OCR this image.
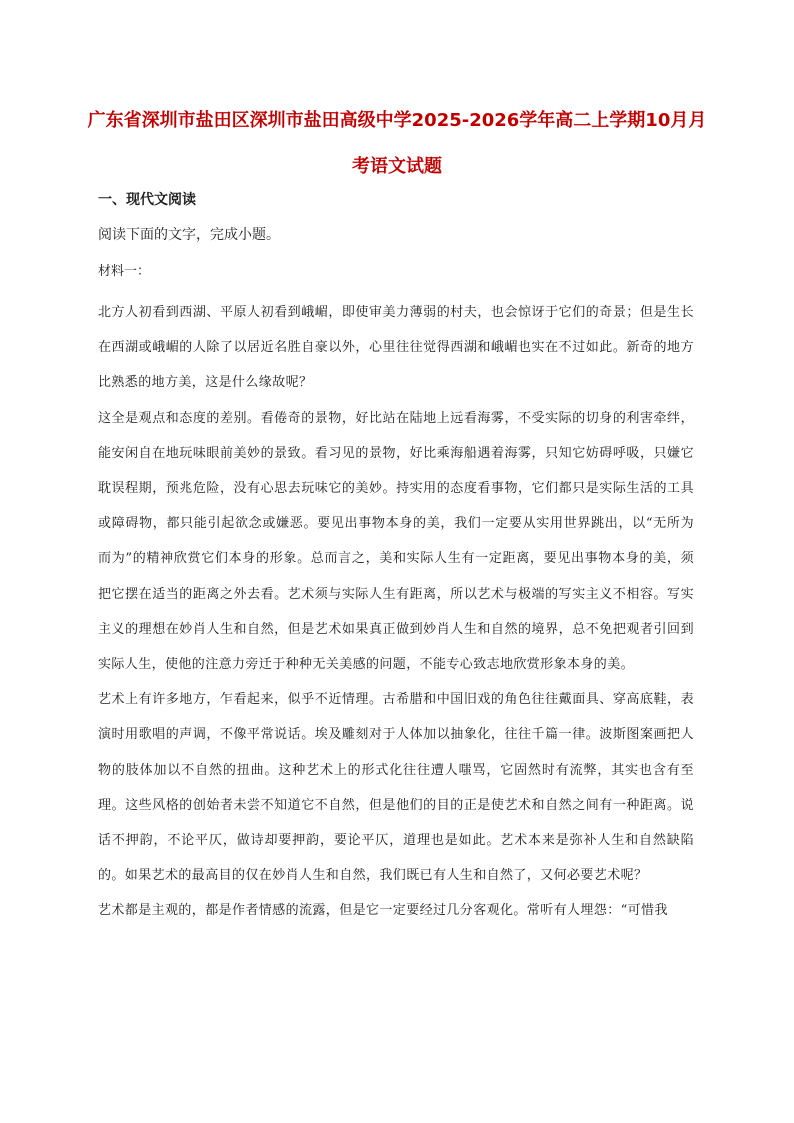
广东省深圳市盐田区深圳市盐田高级中学2025-2026学年高二上学期10月月考语文试题
一、现代文阅读

阅读下面的文字，完成小题。

材料一：

北方人初看到西湖、平原人初看到峨嵋，即使审美力薄弱的村夫，也会惊讶于它们的奇景；但是生长在西湖或峨嵋的人除了以居近名胜自豪以外，心里往往觉得西湖和峨嵋也实在不过如此。新奇的地方比熟悉的地方美，这是什么缘故呢？

这全是观点和态度的差别。看倦奇的景物，好比站在陆地上远看海雾，不受实际的切身的利害牵绊，能安闲自在地玩味眼前美妙的景致。看习见的景物，好比乘海船遇着海雾，只知它妨碍呼吸，只嫌它耽误程期，预兆危险，没有心思去玩味它的美妙。持实用的态度看事物，它们都只是实际生活的工具或障碍物，都只能引起欲念或嫌恶。要见出事物本身的美，我们一定要从实用世界跳出，以“无所为而为”的精神欣赏它们本身的形象。总而言之，美和实际人生有一定距离，要见出事物本身的美，须把它摆在适当的距离之外去看。艺术须与实际人生有距离，所以艺术与极端的写实主义不相容。写实主义的理想在妙肖人生和自然，但是艺术如果真正做到妙肖人生和自然的境界，总不免把观者引回到实际人生，使他的注意力旁迁于种种无关美感的问题，不能专心致志地欣赏形象本身的美。

艺术上有许多地方，乍看起来，似乎不近情理。古希腊和中国旧戏的角色往往戴面具、穿高底鞋，表演时用歌唱的声调，不像平常说话。埃及雕刻对于人体加以抽象化，往往千篇一律。波斯图案画把人物的肢体加以不自然的扭曲。这种艺术上的形式化往往遭人嗤骂，它固然时有流弊，其实也含有至理。这些风格的创始者未尝不知道它不自然，但是他们的目的正是使艺术和自然之间有一种距离。说话不押韵，不论平仄，做诗却要押韵，要论平仄，道理也是如此。艺术本来是弥补人生和自然缺陷的。如果艺术的最高目的仅在妙肖人生和自然，我们既已有人生和自然了，又何必要艺术呢？

艺术都是主观的，都是作者情感的流露，但是它一定要经过几分客观化。常听有人埋怨：“可惜我
